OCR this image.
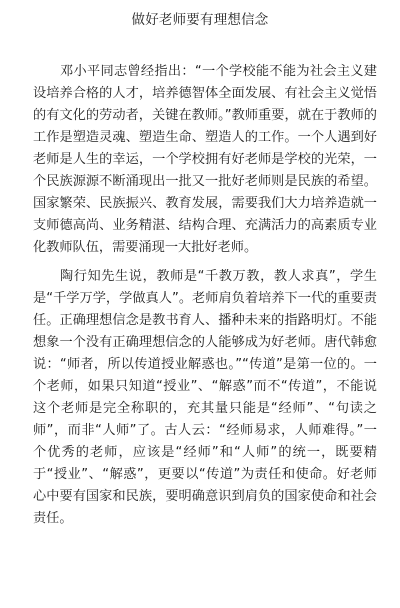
做好老师要有理想信念

邓小平同志曾经指出：“一个学校能不能为社会主义建设培养合格的人才，培养德智体全面发展、有社会主义觉悟的有文化的劳动者，关键在教师。”教师重要，就在于教师的工作是塑造灵魂、塑造生命、塑造人的工作。一个人遇到好老师是人生的幸运，一个学校拥有好老师是学校的光荣，一个民族源源不断涌现出一批又一批好老师则是民族的希望。国家繁荣、民族振兴、教育发展，需要我们大力培养造就一支师德高尚、业务精湛、结构合理、充满活力的高素质专业化教师队伍，需要涌现一大批好老师。

陶行知先生说，教师是“千教万教，教人求真”，学生是“千学万学，学做真人”。老师肩负着培养下一代的重要责任。正确理想信念是教书育人、播种未来的指路明灯。不能想象一个没有正确理想信念的人能够成为好老师。唐代韩愈说：“师者，所以传道授业解惑也。”“传道”是第一位的。一个老师，如果只知道“授业”、“解惑”而不“传道”，不能说这个老师是完全称职的，充其量只能是“经师”、“句读之师”，而非“人师”了。古人云：“经师易求，人师难得。”一个优秀的老师，应该是“经师”和“人师”的统一，既要精于“授业”、“解惑”，更要以“传道”为责任和使命。好老师心中要有国家和民族，要明确意识到肩负的国家使命和社会责任。
